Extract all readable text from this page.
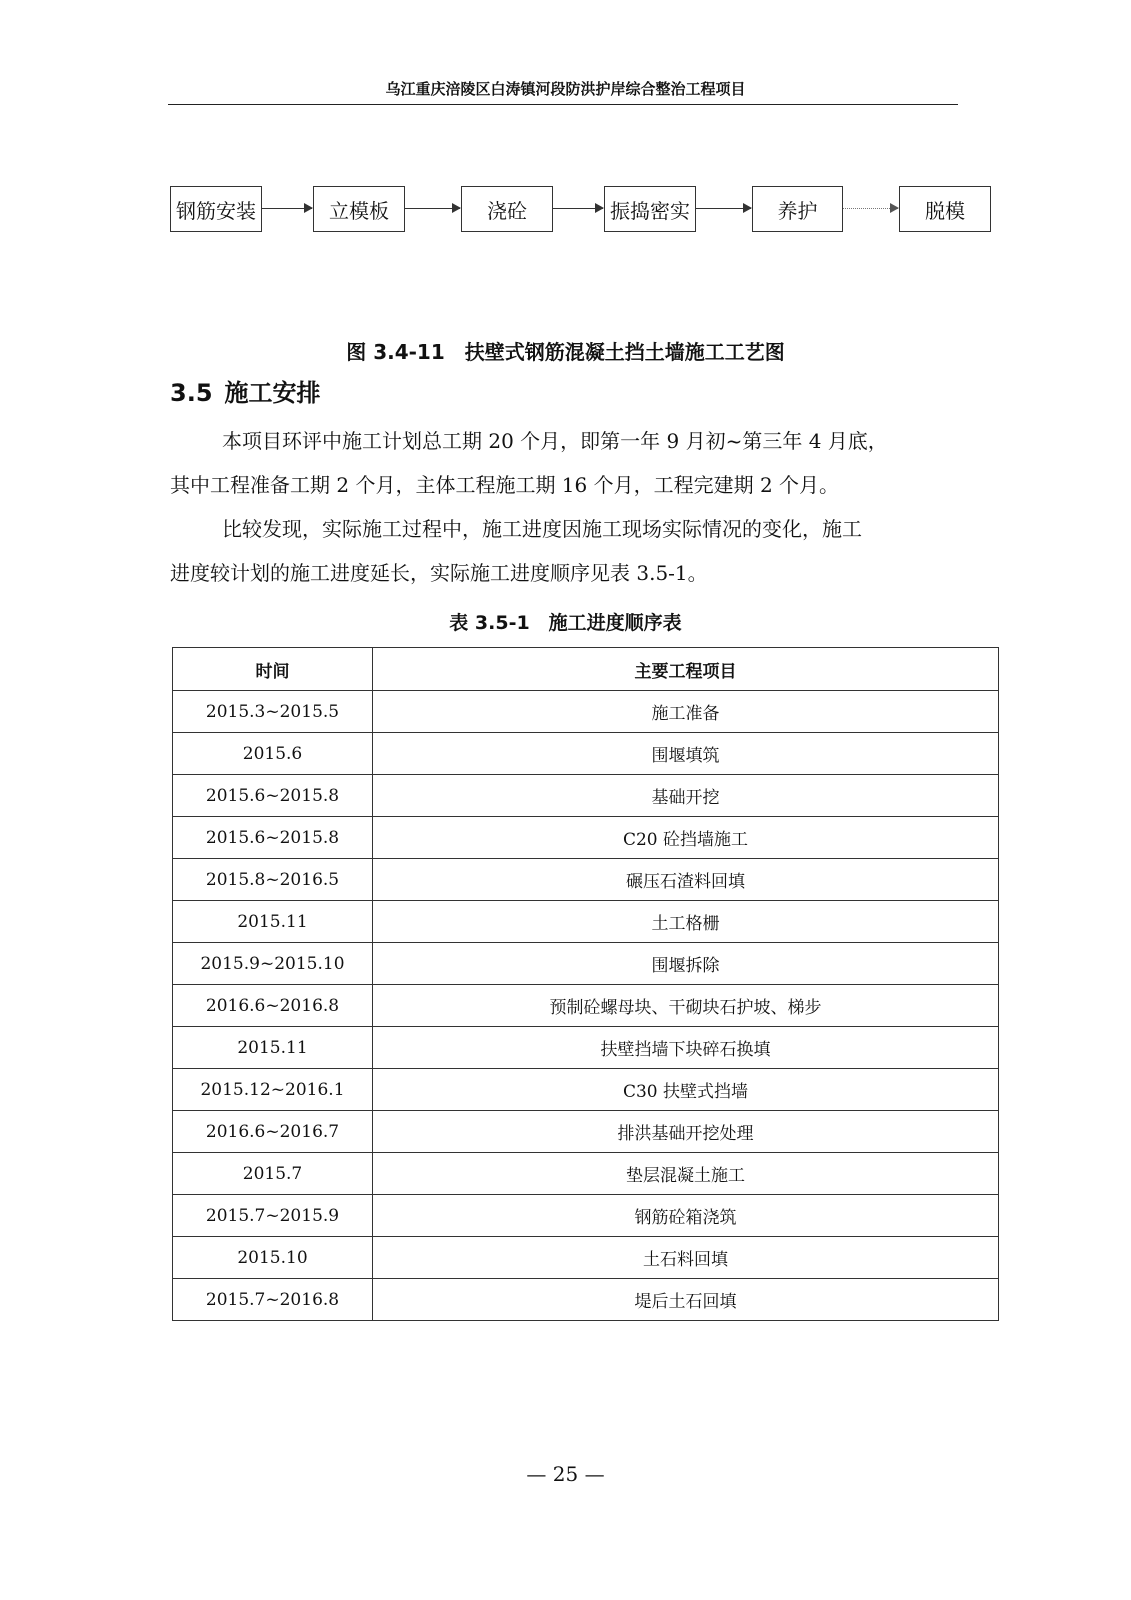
乌江重庆涪陵区白涛镇河段防洪护岸综合整治工程项目
钢筋安装	立模板	浇砼	振捣密实	养护	脱模
图 3.4-11　扶壁式钢筋混凝土挡土墙施工工艺图
3.5 施工安排

本项目环评中施工计划总工期 20 个月，即第一年 9 月初~第三年 4 月底，
其中工程准备工期 2 个月，主体工程施工期 16 个月，工程完建期 2 个月。

比较发现，实际施工过程中，施工进度因施工现场实际情况的变化，施工
进度较计划的施工进度延长，实际施工进度顺序见表 3.5-1。

表 3.5-1　施工进度顺序表
时间	主要工程项目
2015.3~2015.5	施工准备
2015.6	围堰填筑
2015.6~2015.8	基础开挖
2015.6~2015.8	C20 砼挡墙施工
2015.8~2016.5	碾压石渣料回填
2015.11	土工格栅
2015.9~2015.10	围堰拆除
2016.6~2016.8	预制砼螺母块、干砌块石护坡、梯步
2015.11	扶壁挡墙下块碎石换填
2015.12~2016.1	C30 扶壁式挡墙
2016.6~2016.7	排洪基础开挖处理
2015.7	垫层混凝土施工
2015.7~2015.9	钢筋砼箱浇筑
2015.10	土石料回填
2015.7~2016.8	堤后土石回填
— 25 —
